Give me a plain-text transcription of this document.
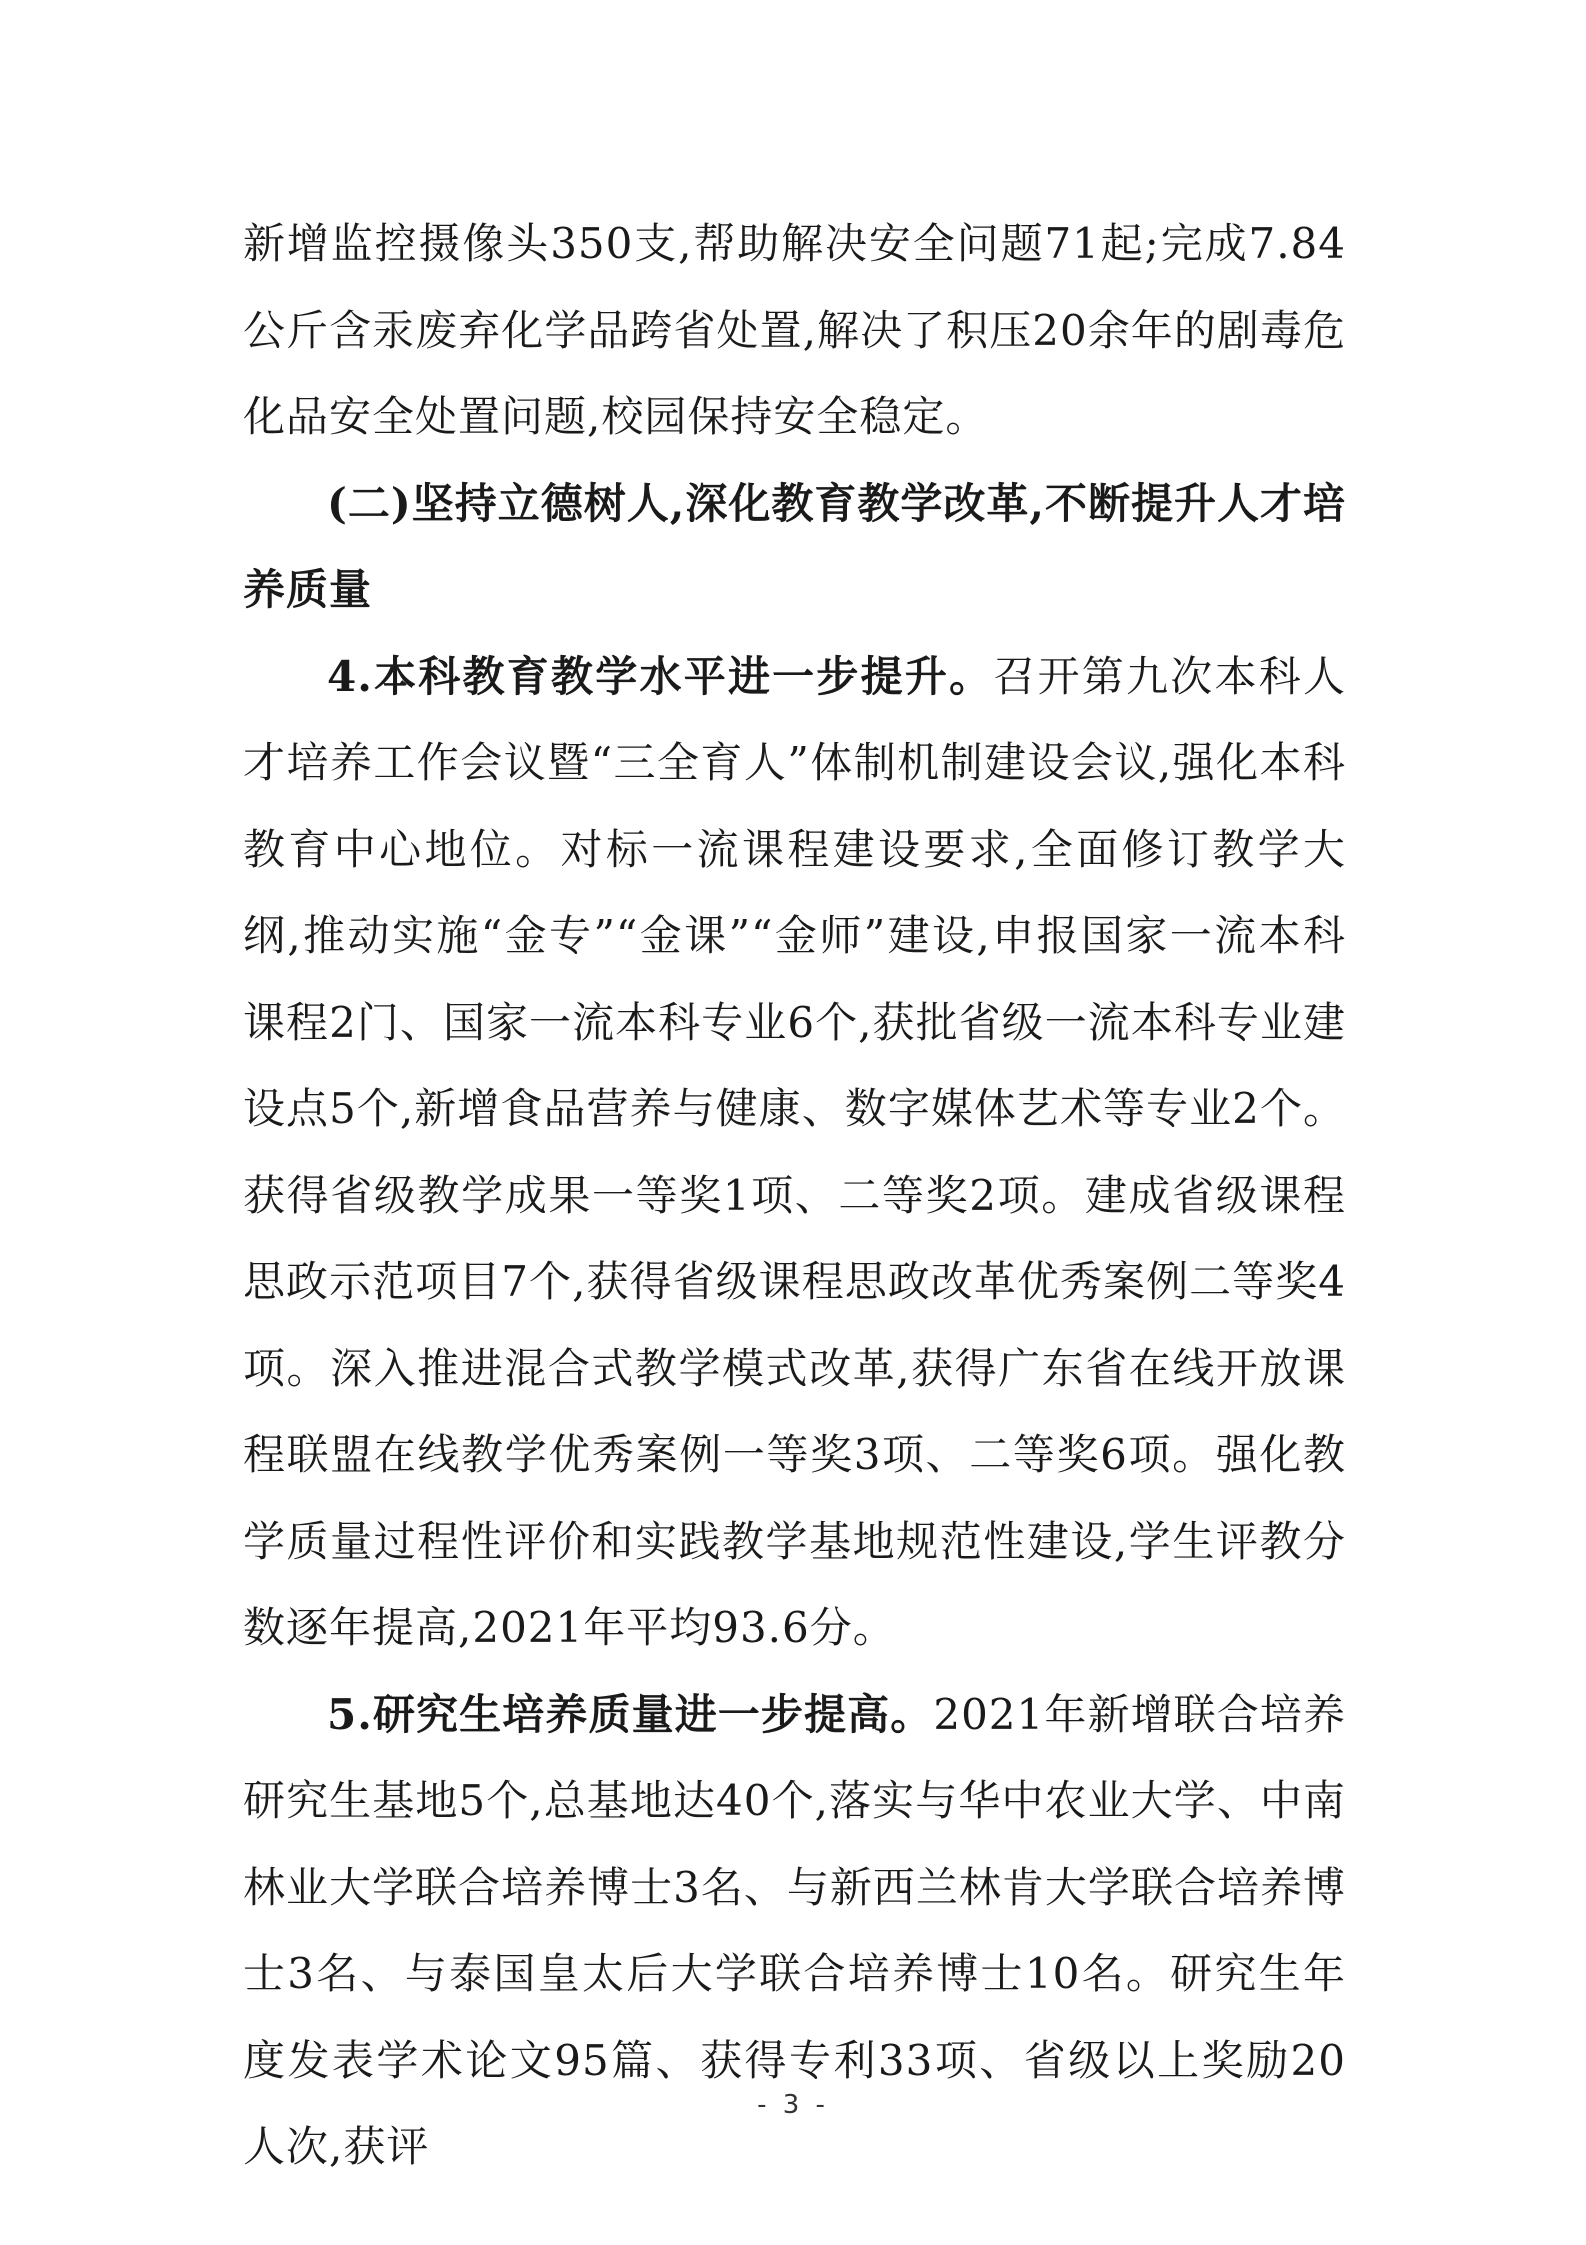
新增监控摄像头350支,帮助解决安全问题71起;完成7.84公斤含汞废弃化学品跨省处置,解决了积压20余年的剧毒危化品安全处置问题,校园保持安全稳定。

(二)坚持立德树人,深化教育教学改革,不断提升人才培养质量

4.本科教育教学水平进一步提升。召开第九次本科人才培养工作会议暨“三全育人”体制机制建设会议,强化本科教育中心地位。对标一流课程建设要求,全面修订教学大纲,推动实施“金专”“金课”“金师”建设,申报国家一流本科课程2门、国家一流本科专业6个,获批省级一流本科专业建设点5个,新增食品营养与健康、数字媒体艺术等专业2个。获得省级教学成果一等奖1项、二等奖2项。建成省级课程思政示范项目7个,获得省级课程思政改革优秀案例二等奖4项。深入推进混合式教学模式改革,获得广东省在线开放课程联盟在线教学优秀案例一等奖3项、二等奖6项。强化教学质量过程性评价和实践教学基地规范性建设,学生评教分数逐年提高,2021年平均93.6分。

5.研究生培养质量进一步提高。2021年新增联合培养研究生基地5个,总基地达40个,落实与华中农业大学、中南林业大学联合培养博士3名、与新西兰林肯大学联合培养博士3名、与泰国皇太后大学联合培养博士10名。研究生年度发表学术论文95篇、获得专利33项、省级以上奖励20人次,获评

- 3 -
